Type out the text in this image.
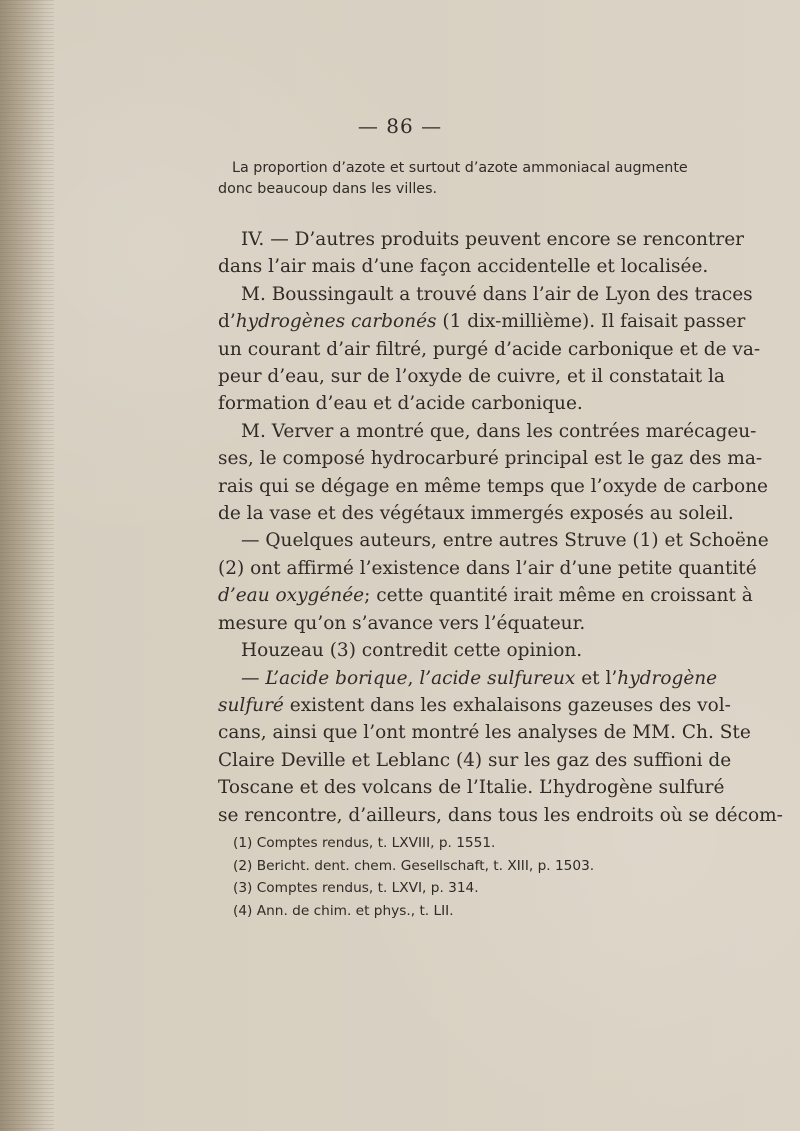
— 86 —
La proportion d’azote et surtout d’azote ammoniacal augmente
donc beaucoup dans les villes.
IV. — D’autres produits peuvent encore se rencontrer
dans l’air mais d’une façon accidentelle et localisée.
M. Boussingault a trouvé dans l’air de Lyon des traces
d’hydrogènes carbonés (1 dix-millième). Il faisait passer
un courant d’air filtré, purgé d’acide carbonique et de va-
peur d’eau, sur de l’oxyde de cuivre, et il constatait la
formation d’eau et d’acide carbonique.
M. Verver a montré que, dans les contrées marécageu-
ses, le composé hydrocarburé principal est le gaz des ma-
rais qui se dégage en même temps que l’oxyde de carbone
de la vase et des végétaux immergés exposés au soleil.
— Quelques auteurs, entre autres Struve (1) et Schoëne
(2) ont affirmé l’existence dans l’air d’une petite quantité
d’eau oxygénée; cette quantité irait même en croissant à
mesure qu’on s’avance vers l’équateur.
Houzeau (3) contredit cette opinion.
— L’acide borique, l’acide sulfureux et l’hydrogène
sulfuré existent dans les exhalaisons gazeuses des vol-
cans, ainsi que l’ont montré les analyses de MM. Ch. Ste
Claire Deville et Leblanc (4) sur les gaz des suffioni de
Toscane et des volcans de l’Italie. L’hydrogène sulfuré
se rencontre, d’ailleurs, dans tous les endroits où se décom-
(1) Comptes rendus, t. LXVIII, p. 1551.
(2) Bericht. dent. chem. Gesellschaft, t. XIII, p. 1503.
(3) Comptes rendus, t. LXVI, p. 314.
(4) Ann. de chim. et phys., t. LII.
